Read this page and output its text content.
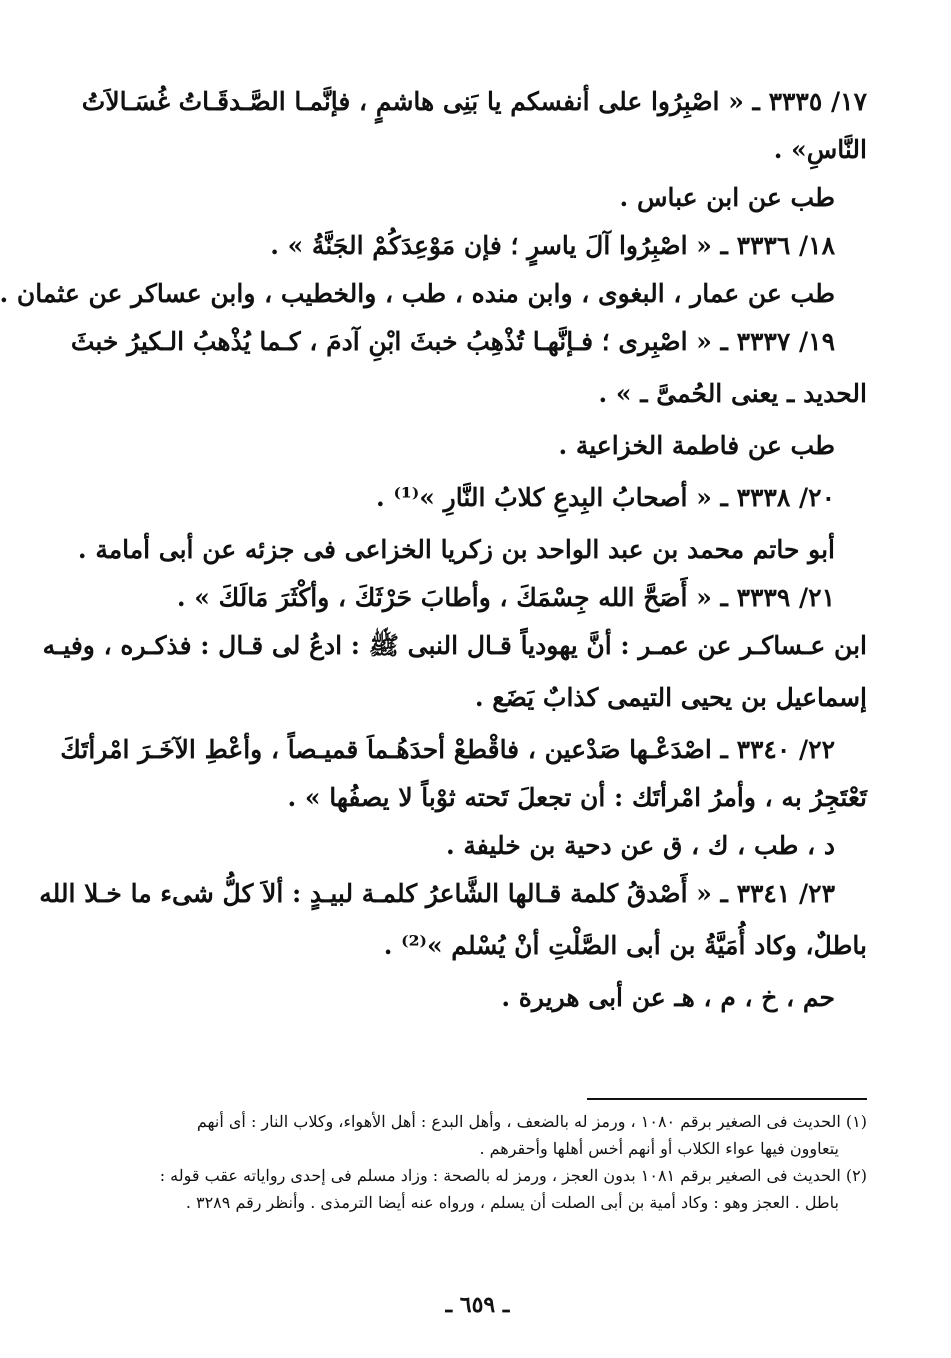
١٧/ ٣٣٣٥ ـ « اصْبِرُوا على أنفسكم يا بَنِى هاشمٍ ، فإنَّمـا الصَّـدقَـاتُ غُسَـالاَتُ
النَّاسِ» .
طب عن ابن عباس .
١٨/ ٣٣٣٦ ـ « اصْبِرُوا آلَ ياسرٍ ؛ فإن مَوْعِدَكُمْ الجَنَّةُ » .
طب عن عمار ، البغوى ، وابن منده ، طب ، والخطيب ، وابن عساكر عن عثمان .
١٩/ ٣٣٣٧ ـ « اصْبِرى ؛ فـإنَّهـا تُذْهِبُ خبثَ ابْنِ آدمَ ، كـما يُذْهبُ الـكيرُ خبثَ
الحديد ـ يعنى الحُمىَّ ـ » .
طب عن فاطمة الخزاعية .
٢٠/ ٣٣٣٨ ـ « أصحابُ البِدعِ كلابُ النَّارِ »⁽¹⁾ .
أبو حاتم محمد بن عبد الواحد بن زكريا الخزاعى فى جزئه عن أبى أمامة .
٢١/ ٣٣٣٩ ـ « أَصَحَّ الله جِسْمَكَ ، وأطابَ حَرْثَكَ ، وأكْثَرَ مَالَكَ » .
ابن عـساكـر عن عمـر : أنَّ يهودياً قـال النبى ﷺ : ادعُ لى قـال : فذكـره ، وفيـه
إسماعيل بن يحيى التيمى كذابٌ يَضَع .
٢٢/ ٣٣٤٠ ـ اصْدَعْـها صَدْعين ، فاقْطعْ أحدَهُـماَ قميـصاً ، وأعْطِ الآخَـرَ امْرأتَكَ
تَعْتَجِرُ به ، وأمرُ امْرأتَك : أن تجعلَ تَحته ثوْباً لا يصفُها » .
د ، طب ، ك ، ق عن دحية بن خليفة .
٢٣/ ٣٣٤١ ـ « أَصْدقُ كلمة قـالها الشَّاعرُ كلمـة لبيـدٍ : ألاَ كلُّ شىء ما خـلا الله
باطلٌ، وكاد أُمَيَّةُ بن أبى الصَّلْتِ أنْ يُسْلم »⁽²⁾ .
حم ، خ ، م ، هـ عن أبى هريرة .
(١) الحديث فى الصغير برقم ١٠٨٠ ، ورمز له بالضعف ، وأهل البدع : أهل الأهواء، وكلاب النار : أى أنهم
يتعاوون فيها عواء الكلاب أو أنهم أخس أهلها وأحقرهم .
(٢) الحديث فى الصغير برقم ١٠٨١ بدون العجز ، ورمز له بالصحة : وزاد مسلم فى إحدى رواياته عقب قوله :
باطل . العجز وهو : وكاد أمية بن أبى الصلت أن يسلم ، ورواه عنه أيضا الترمذى . وأنظر رقم ٣٢٨٩ .
ـ ٦٥٩ ـ
